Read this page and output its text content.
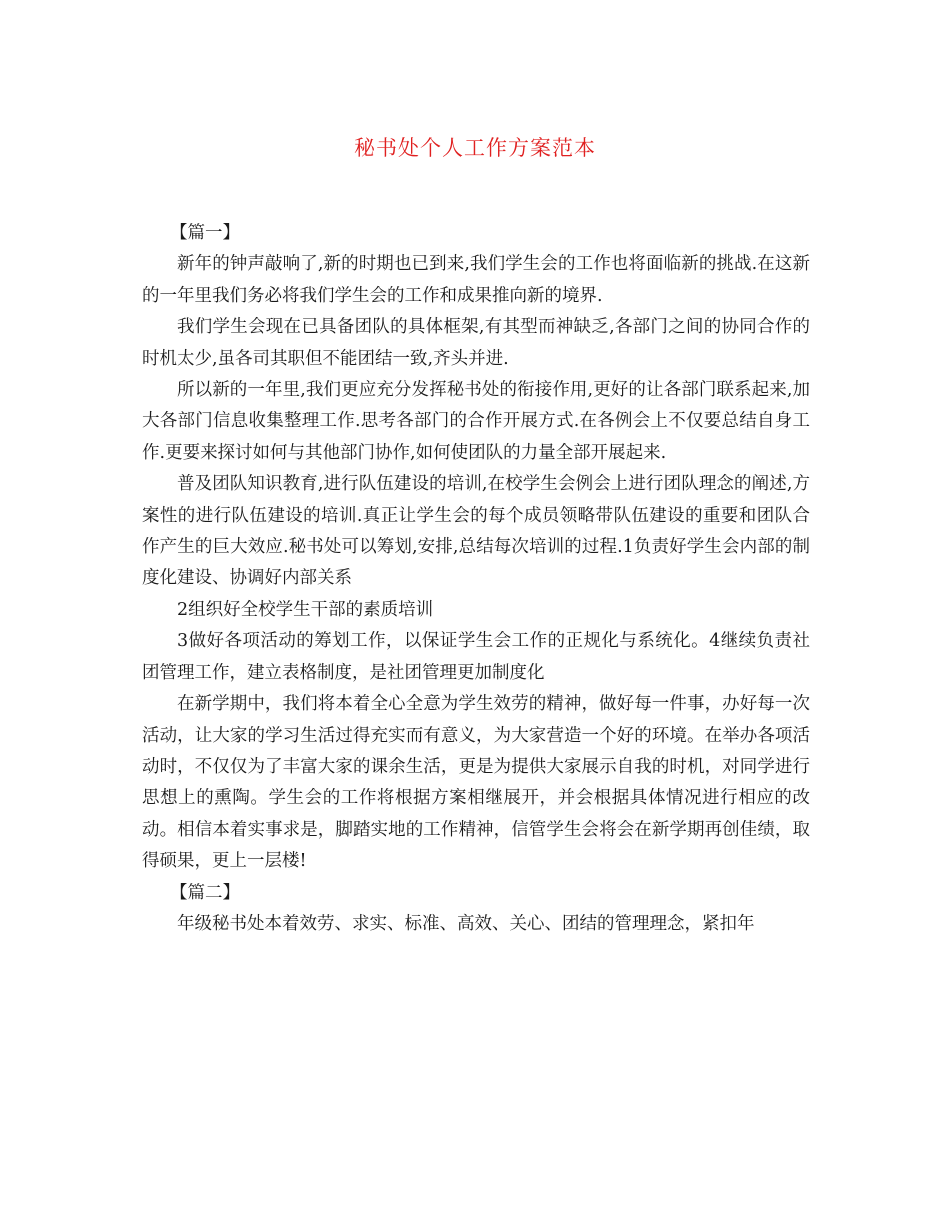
秘书处个人工作方案范本

【篇一】

新年的钟声敲响了,新的时期也已到来,我们学生会的工作也将面临新的挑战.在这新的一年里我们务必将我们学生会的工作和成果推向新的境界.

我们学生会现在已具备团队的具体框架,有其型而神缺乏,各部门之间的协同合作的时机太少,虽各司其职但不能团结一致,齐头并进.

所以新的一年里,我们更应充分发挥秘书处的衔接作用,更好的让各部门联系起来,加大各部门信息收集整理工作.思考各部门的合作开展方式.在各例会上不仅要总结自身工作.更要来探讨如何与其他部门协作,如何使团队的力量全部开展起来.

普及团队知识教育,进行队伍建设的培训,在校学生会例会上进行团队理念的阐述,方案性的进行队伍建设的培训.真正让学生会的每个成员领略带队伍建设的重要和团队合作产生的巨大效应.秘书处可以筹划,安排,总结每次培训的过程.1负责好学生会内部的制度化建设、协调好内部关系

2组织好全校学生干部的素质培训

3做好各项活动的筹划工作，以保证学生会工作的正规化与系统化。4继续负责社团管理工作，建立表格制度，是社团管理更加制度化

在新学期中，我们将本着全心全意为学生效劳的精神，做好每一件事，办好每一次活动，让大家的学习生活过得充实而有意义，为大家营造一个好的环境。在举办各项活动时，不仅仅为了丰富大家的课余生活，更是为提供大家展示自我的时机，对同学进行思想上的熏陶。学生会的工作将根据方案相继展开，并会根据具体情况进行相应的改动。相信本着实事求是，脚踏实地的工作精神，信管学生会将会在新学期再创佳绩，取得硕果，更上一层楼!

【篇二】

年级秘书处本着效劳、求实、标准、高效、关心、团结的管理理念，紧扣年
